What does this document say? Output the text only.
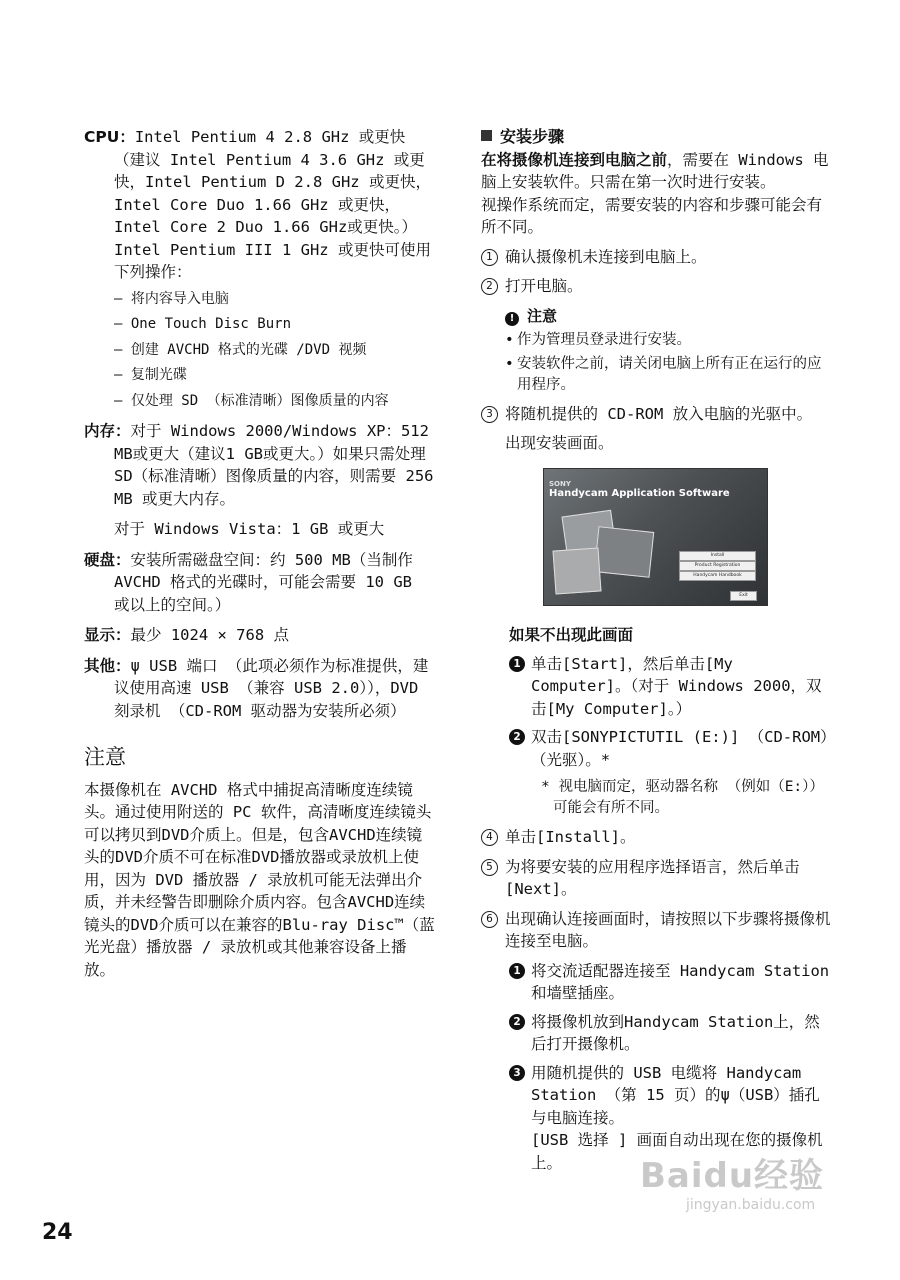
CPU：Intel Pentium 4 2.8 GHz 或更快（建议 Intel Pentium 4 3.6 GHz 或更快，Intel Pentium D 2.8 GHz 或更快，Intel Core Duo 1.66 GHz 或更快，Intel Core 2 Duo 1.66 GHz或更快。）
Intel Pentium III 1 GHz 或更快可使用下列操作：
– 将内容导入电脑
– One Touch Disc Burn
– 创建 AVCHD 格式的光碟 /DVD 视频
– 复制光碟
– 仅处理 SD （标准清晰）图像质量的内容
内存：对于 Windows 2000/Windows XP：512 MB或更大（建议1 GB或更大。）如果只需处理 SD（标准清晰）图像质量的内容，则需要 256 MB 或更大内存。
对于 Windows Vista：1 GB 或更大
硬盘：安装所需磁盘空间：约 500 MB（当制作 AVCHD 格式的光碟时，可能会需要 10 GB 或以上的空间。）
显示：最少 1024 × 768 点
其他：ψ USB 端口 （此项必须作为标准提供，建议使用高速 USB （兼容 USB 2.0）），DVD 刻录机 （CD-ROM 驱动器为安装所必须）
注意

本摄像机在 AVCHD 格式中捕捉高清晰度连续镜头。通过使用附送的 PC 软件，高清晰度连续镜头可以拷贝到DVD介质上。但是，包含AVCHD连续镜头的DVD介质不可在标准DVD播放器或录放机上使用，因为 DVD 播放器 / 录放机可能无法弹出介质，并未经警告即删除介质内容。包含AVCHD连续镜头的DVD介质可以在兼容的Blu-ray Disc™（蓝光光盘）播放器 / 录放机或其他兼容设备上播放。

安装步骤

在将摄像机连接到电脑之前，需要在 Windows 电脑上安装软件。只需在第一次时进行安装。

视操作系统而定，需要安装的内容和步骤可能会有所不同。

1 确认摄像机未连接到电脑上。
2 打开电脑。
! 注意
• 作为管理员登录进行安装。
• 安装软件之前，请关闭电脑上所有正在运行的应用程序。
3 将随机提供的 CD-ROM 放入电脑的光驱中。
出现安装画面。
SONY
Handycam Application Software
Install
Product Registration
Handycam Handbook
Exit
如果不出现此画面
1 单击[Start]，然后单击[My Computer]。（对于 Windows 2000，双击[My Computer]。）
2 双击[SONYPICTUTIL (E:)] （CD-ROM）（光驱）。*
* 视电脑而定，驱动器名称 （例如（E:））可能会有所不同。
4 单击[Install]。
5 为将要安装的应用程序选择语言，然后单击[Next]。
6 出现确认连接画面时，请按照以下步骤将摄像机连接至电脑。
1 将交流适配器连接至 Handycam Station 和墙壁插座。
2 将摄像机放到Handycam Station上，然后打开摄像机。
3 用随机提供的 USB 电缆将 Handycam Station （第 15 页）的ψ（USB）插孔与电脑连接。
[USB 选择 ] 画面自动出现在您的摄像机上。
24
Baidu经验
jingyan.baidu.com
